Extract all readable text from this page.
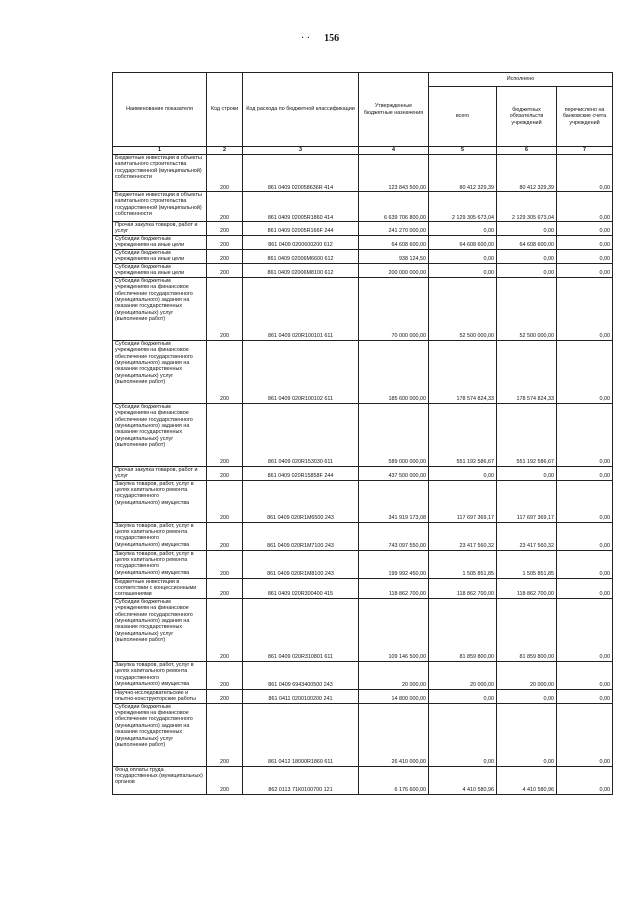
· · 156
Наименование показателя	Код строки	Код расхода по бюджетной классификации	Утвержденные бюджетные назначения	Исполнено		
				всего	бюджетных обязательств учреждений	перечислено на банковские счета учреждений
1	2	3	4	5	6	7
Бюджетные инвестиции в объекты капитального строительства государственной (муниципальной) собственности	200	861 0409 020058636R 414	123 843 500,00	80 412 329,39	80 412 329,39	0,00
Бюджетные инвестиции в объекты капитального строительства государственной (муниципальной) собственности	200	861 0409 02005R1860 414	6 639 706 800,00	2 129 305 673,04	2 129 305 673,04	0,00
Прочая закупка товаров, работ и услуг	200	861 0409 02005R166F 244	241 270 000,00	0,00	0,00	0,00
Субсидии бюджетным учреждениям на иные цели	200	861 0409 0200600200 612	64 608 600,00	64 608 600,00	64 608 600,00	0,00
Субсидии бюджетным учреждениям на иные цели	200	861 0409 02006M6600 612	938 124,50	0,00	0,00	0,00
Субсидии бюджетным учреждениям на иные цели	200	861 0409 02006M8100 612	200 000 000,00	0,00	0,00	0,00
Субсидии бюджетным учреждениям на финансовое обеспечение государственного (муниципального) задания на оказание государственных (муниципальных) услуг (выполнение работ)	200	861 0409 020R100101 611	70 000 000,00	52 500 000,00	52 500 000,00	0,00
Субсидии бюджетным учреждениям на финансовое обеспечение государственного (муниципального) задания на оказание государственных (муниципальных) услуг (выполнение работ)	200	861 0409 020R100102 611	185 600 000,00	178 574 824,33	178 574 824,33	0,00
Субсидии бюджетным учреждениям на финансовое обеспечение государственного (муниципального) задания на оказание государственных (муниципальных) услуг (выполнение работ)	200	861 0409 020R153030 611	589 000 000,00	551 192 586,67	551 192 586,67	0,00
Прочая закупка товаров, работ и услуг	200	861 0409 020R15858F 244	437 500 000,00	0,00	0,00	0,00
Закупка товаров, работ, услуг в целях капитального ремонта государственного (муниципального) имущества	200	861 0409 020R1M6500 243	341 919 173,08	117 697 369,17	117 697 369,17	0,00
Закупка товаров, работ, услуг в целях капитального ремонта государственного (муниципального) имущества	200	861 0409 020R1M7100 243	743 097 550,00	23 417 560,32	23 417 560,32	0,00
Закупка товаров, работ, услуг в целях капитального ремонта государственного (муниципального) имущества	200	861 0409 020R1M8100 243	199 992 450,00	1 505 851,85	1 505 851,85	0,00
Бюджетные инвестиции в соответствии с концессионными соглашениями	200	861 0409 020R300400 415	118 862 700,00	118 862 700,00	118 862 700,00	0,00
Субсидии бюджетным учреждениям на финансовое обеспечение государственного (муниципального) задания на оказание государственных (муниципальных) услуг (выполнение работ)	200	861 0409 020R310801 611	109 146 500,00	81 859 800,00	81 859 800,00	0,00
Закупка товаров, работ, услуг в целях капитального ремонта государственного (муниципального) имущества	200	861 0409 6943400500 243	20 000,00	20 000,00	20 000,00	0,00
Научно-исследовательские и опытно-конструкторские работы	200	861 0411 0200100200 241	14 800 000,00	0,00	0,00	0,00
Субсидии бюджетным учреждениям на финансовое обеспечение государственного (муниципального) задания на оказание государственных (муниципальных) услуг (выполнение работ)	200	861 0412 18000R1860 611	26 410 000,00	0,00	0,00	0,00
Фонд оплаты труда государственных (муниципальных) органов	200	862 0113 71К0100700 121	6 176 600,00	4 410 580,96	4 410 580,96	0,00
